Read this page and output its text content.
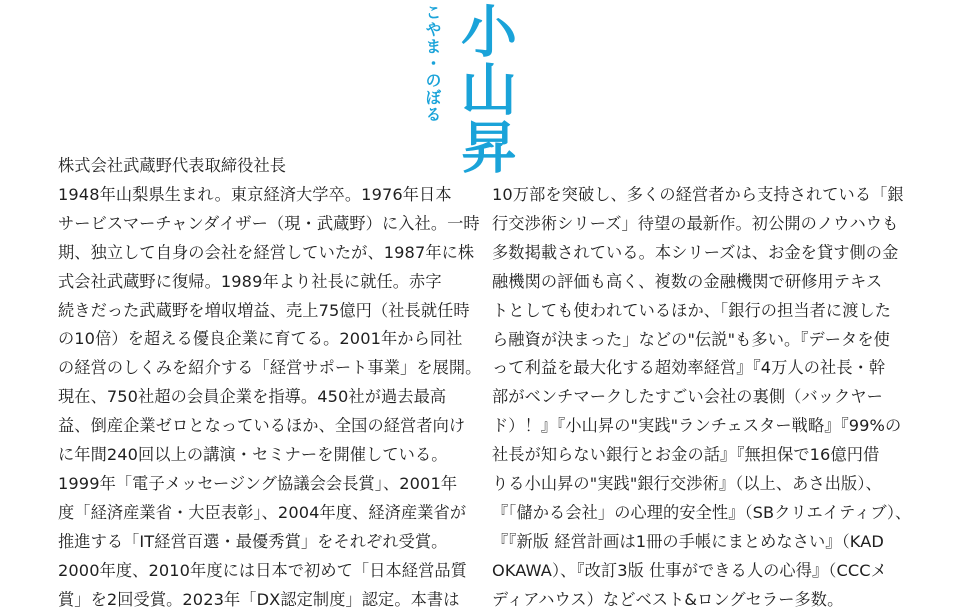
こやま・のぼる 小山昇
株式会社武蔵野代表取締役社長
1948年山梨県生まれ。東京経済大学卒。1976年日本
サービスマーチャンダイザー（現・武蔵野）に入社。一時
期、独立して自身の会社を経営していたが、1987年に株
式会社武蔵野に復帰。1989年より社長に就任。赤字
続きだった武蔵野を増収増益、売上75億円（社長就任時
の10倍）を超える優良企業に育てる。2001年から同社
の経営のしくみを紹介する「経営サポート事業」を展開。
現在、750社超の会員企業を指導。450社が過去最高
益、倒産企業ゼロとなっているほか、全国の経営者向け
に年間240回以上の講演・セミナーを開催している。
1999年「電子メッセージング協議会会長賞」、2001年
度「経済産業省・大臣表彰」、2004年度、経済産業省が
推進する「IT経営百選・最優秀賞」をそれぞれ受賞。
2000年度、2010年度には日本で初めて「日本経営品質
賞」を2回受賞。2023年「DX認定制度」認定。本書は
10万部を突破し、多くの経営者から支持されている「銀
行交渉術シリーズ」待望の最新作。初公開のノウハウも
多数掲載されている。本シリーズは、お金を貸す側の金
融機関の評価も高く、複数の金融機関で研修用テキス
トとしても使われているほか、「銀行の担当者に渡した
ら融資が決まった」などの"伝説"も多い。『データを使
って利益を最大化する超効率経営』『4万人の社長・幹
部がベンチマークしたすごい会社の裏側（バックヤー
ド）！』『小山昇の"実践"ランチェスター戦略』『99%の
社長が知らない銀行とお金の話』『無担保で16億円借
りる小山昇の"実践"銀行交渉術』（以上、あさ出版）、
『「儲かる会社」の心理的安全性』（SBクリエイティブ）、
『『新版 経営計画は1冊の手帳にまとめなさい』（KAD
OKAWA）、『改訂3版 仕事ができる人の心得』（CCCメ
ディアハウス）などベスト&ロングセラー多数。
